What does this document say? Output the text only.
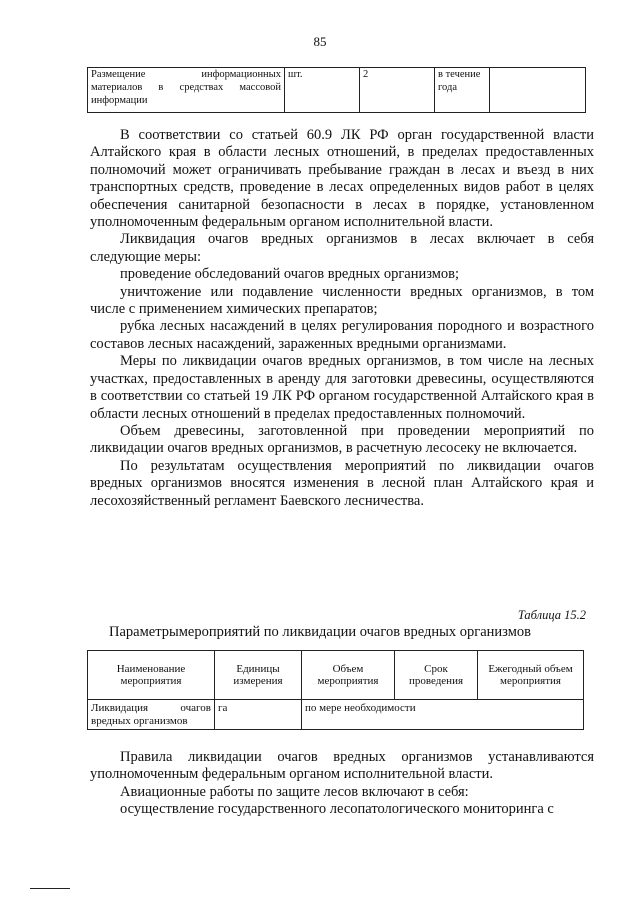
85
Размещение информационных материалов в средствах массовой информации	шт.	2	в течение года	

В соответствии со статьей 60.9 ЛК РФ орган государственной власти Алтайского края в области лесных отношений, в пределах предоставленных полномочий может ограничивать пребывание граждан в лесах и въезд в них транспортных средств, проведение в лесах определенных видов работ в целях обеспечения санитарной безопасности в лесах в порядке, установленном уполномоченным федеральным органом исполнительной власти.

Ликвидация очагов вредных организмов в лесах включает в себя следующие меры:

проведение обследований очагов вредных организмов;

уничтожение или подавление численности вредных организмов, в том числе с применением химических препаратов;

рубка лесных насаждений в целях регулирования породного и возрастного составов лесных насаждений, зараженных вредными организмами.

Меры по ликвидации очагов вредных организмов, в том числе на лесных участках, предоставленных в аренду для заготовки древесины, осуществляются в соответствии со статьей 19 ЛК РФ органом государственной Алтайского края в области лесных отношений в пределах предоставленных полномочий.

Объем древесины, заготовленной при проведении мероприятий по ликвидации очагов вредных организмов, в расчетную лесосеку не включается.

По результатам осуществления мероприятий по ликвидации очагов вредных организмов вносятся изменения в лесной план Алтайского края и лесохозяйственный регламент Баевского лесничества.

Таблица 15.2
Параметрымероприятий по ликвидации очагов вредных организмов
Наименование мероприятия	Единицы измерения	Объем мероприятия	Срок проведения	Ежегодный объем мероприятия
Ликвидация очагов вредных организмов	га	по мере необходимости		

Правила ликвидации очагов вредных организмов устанавливаются уполномоченным федеральным органом исполнительной власти.

Авиационные работы по защите лесов включают в себя:

осуществление государственного лесопатологического мониторинга с
